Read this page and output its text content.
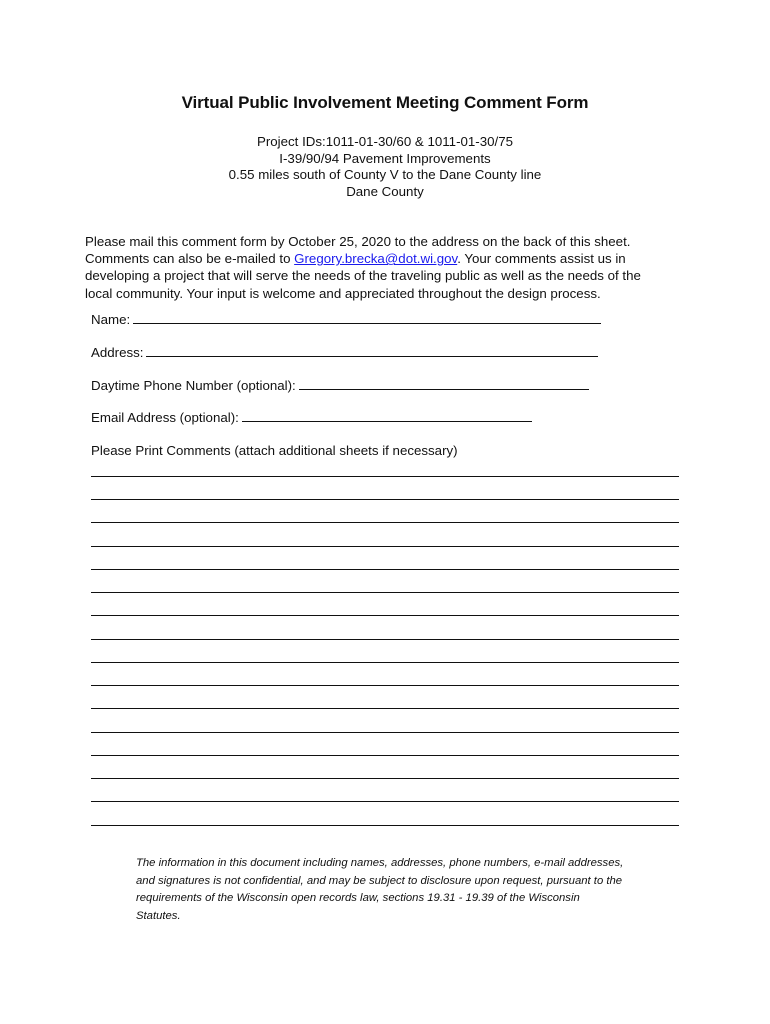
Virtual Public Involvement Meeting Comment Form
Project IDs:1011-01-30/60 & 1011-01-30/75
I-39/90/94 Pavement Improvements
0.55 miles south of County V to the Dane County line
Dane County
Please mail this comment form by October 25, 2020 to the address on the back of this sheet.
Comments can also be e-mailed to Gregory.brecka@dot.wi.gov. Your comments assist us in
developing a project that will serve the needs of the traveling public as well as the needs of the
local community. Your input is welcome and appreciated throughout the design process.
Name:
Address:
Daytime Phone Number (optional):
Email Address (optional):
Please Print Comments (attach additional sheets if necessary)
The information in this document including names, addresses, phone numbers, e-mail addresses,
and signatures is not confidential, and may be subject to disclosure upon request, pursuant to the
requirements of the Wisconsin open records law, sections 19.31 - 19.39 of the Wisconsin
Statutes.
